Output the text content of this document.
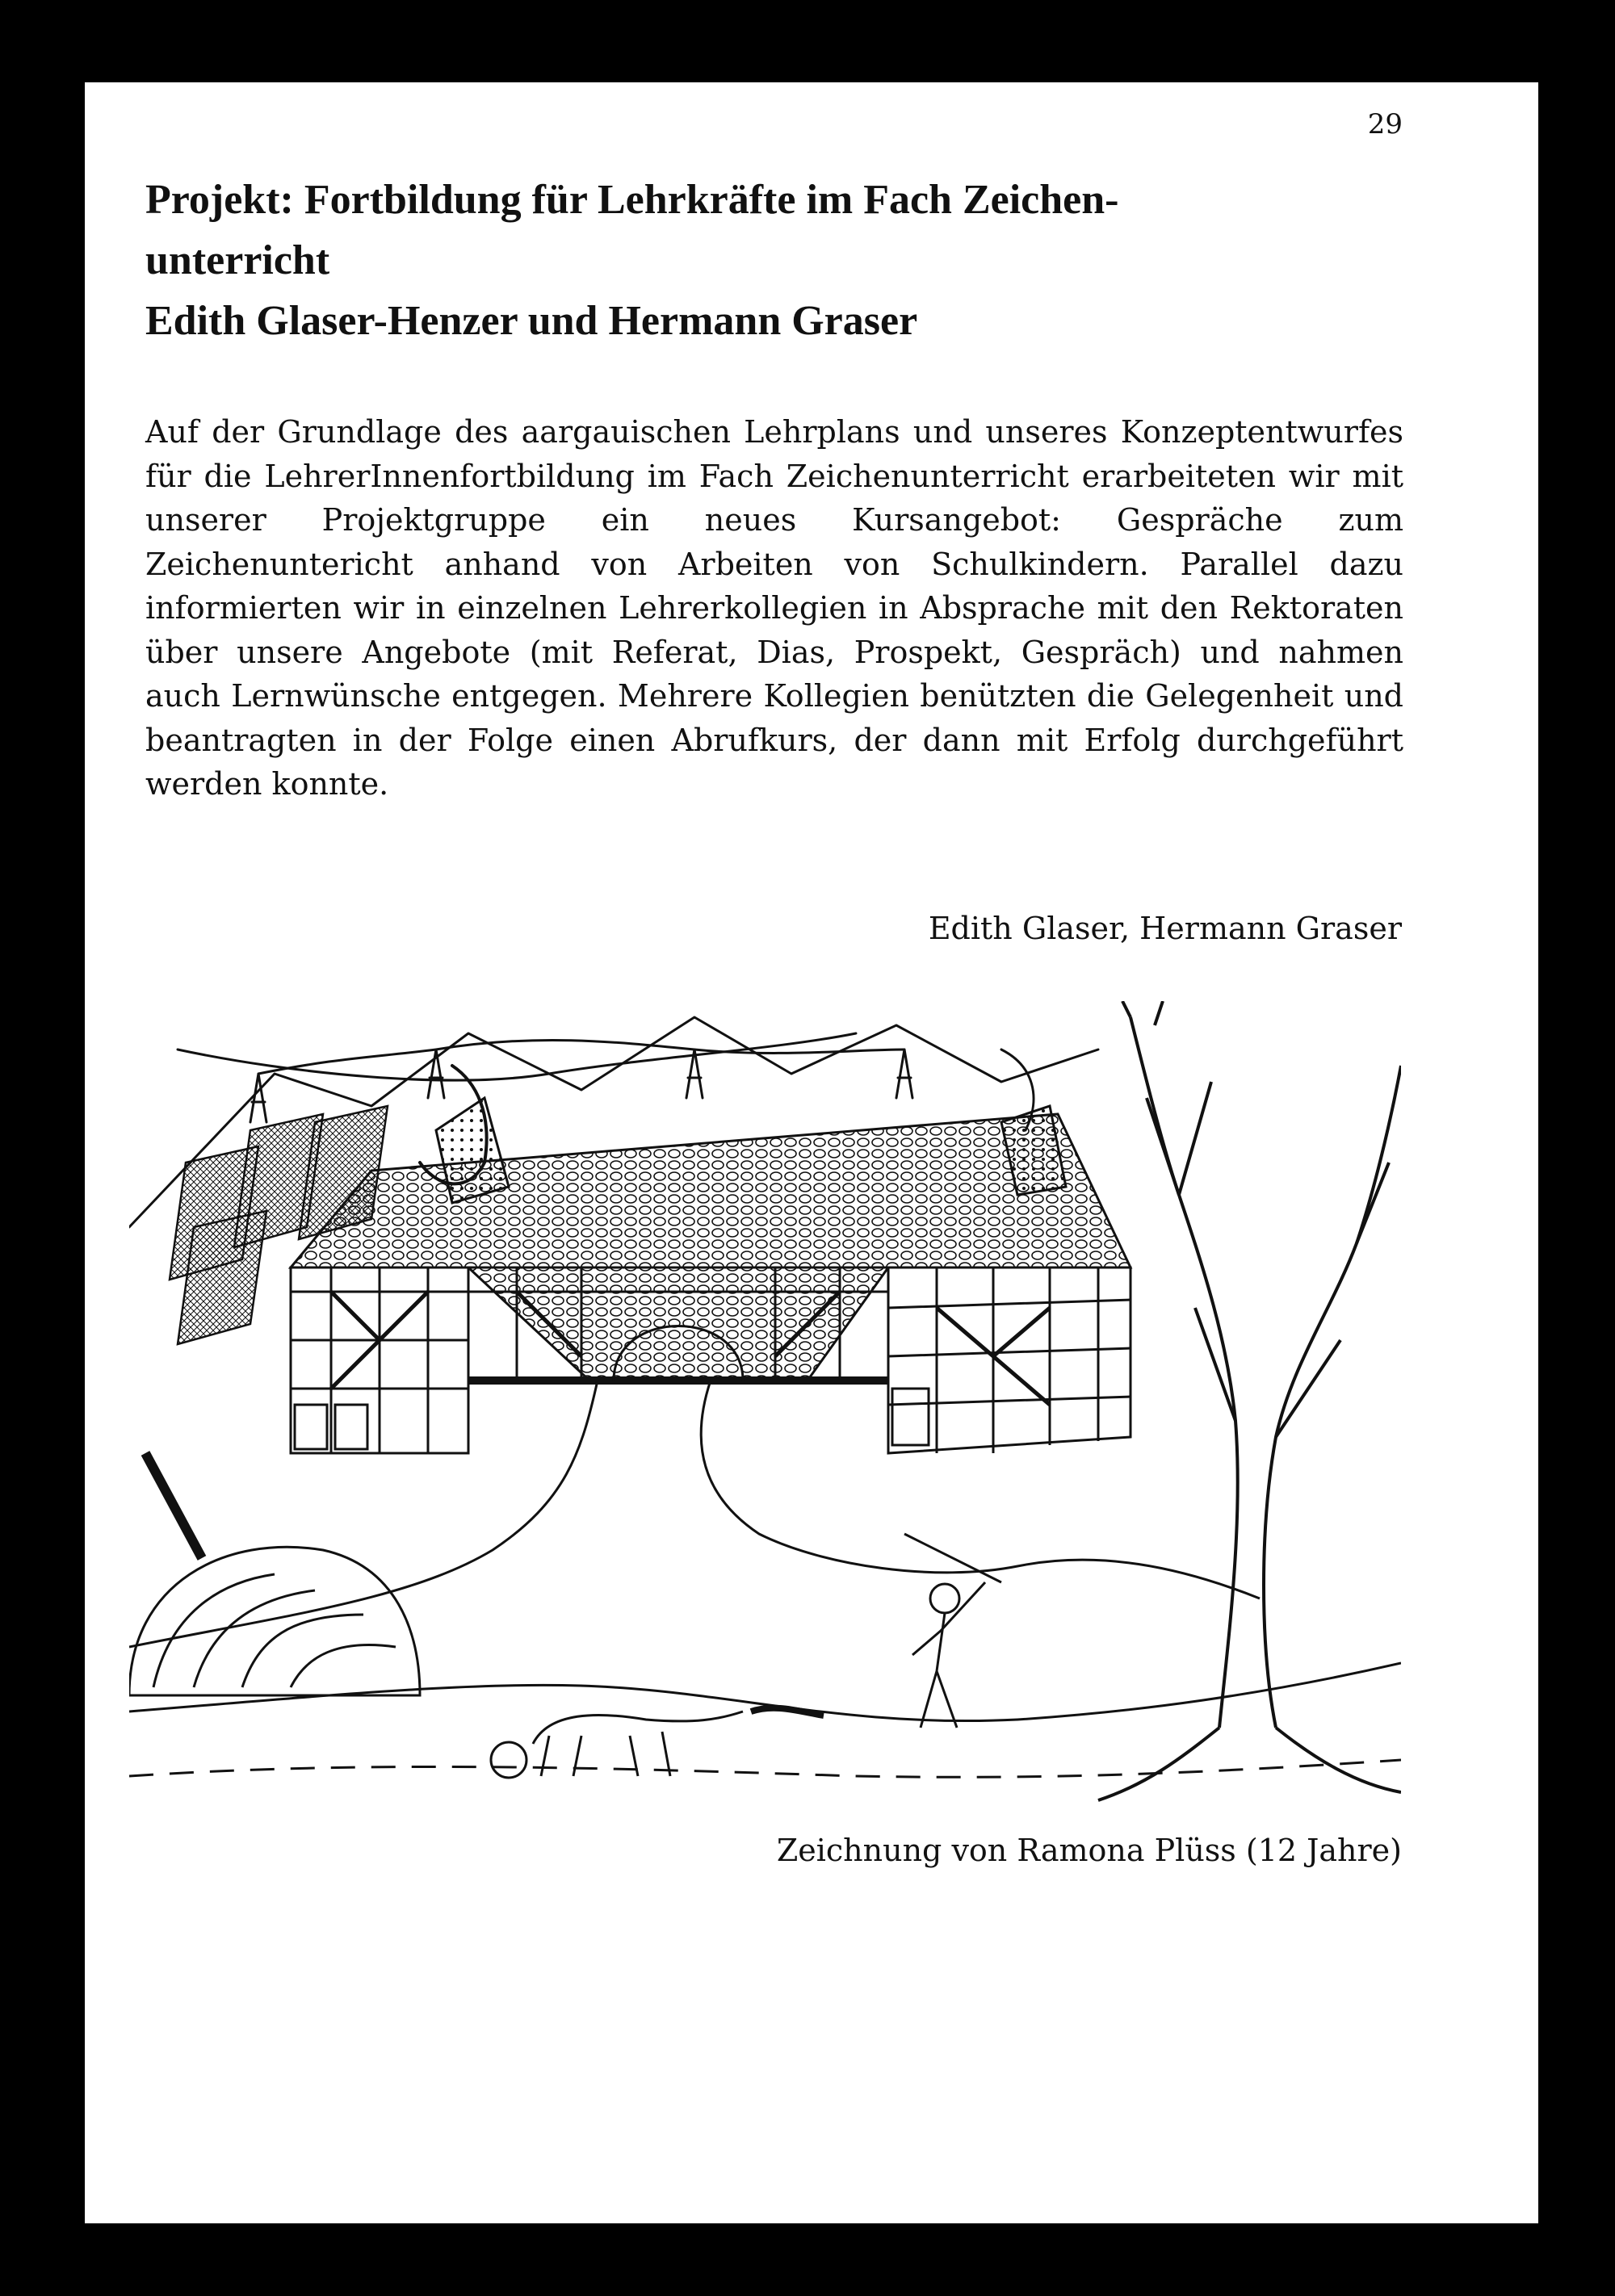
29
Projekt: Fortbildung für Lehrkräfte im Fach Zeichen-
unterricht
Edith Glaser-Henzer und Hermann Graser

Auf der Grundlage des aargauischen Lehrplans und unseres Konzeptentwurfes für die LehrerInnenfortbildung im Fach Zeichenunterricht erarbeiteten wir mit unserer Projektgruppe ein neues Kursangebot: Gespräche zum Zeichenuntericht anhand von Arbeiten von Schulkindern. Parallel dazu informierten wir in einzelnen Lehrerkollegien in Absprache mit den Rektoraten über unsere Angebote (mit Referat, Dias, Prospekt, Gespräch) und nahmen auch Lernwünsche entgegen. Mehrere Kollegien benützten die Gelegenheit und beantragten in der Folge einen Abrufkurs, der dann mit Erfolg durchgeführt werden konnte.

Edith Glaser, Hermann Graser
Zeichnung von Ramona Plüss (12 Jahre)
